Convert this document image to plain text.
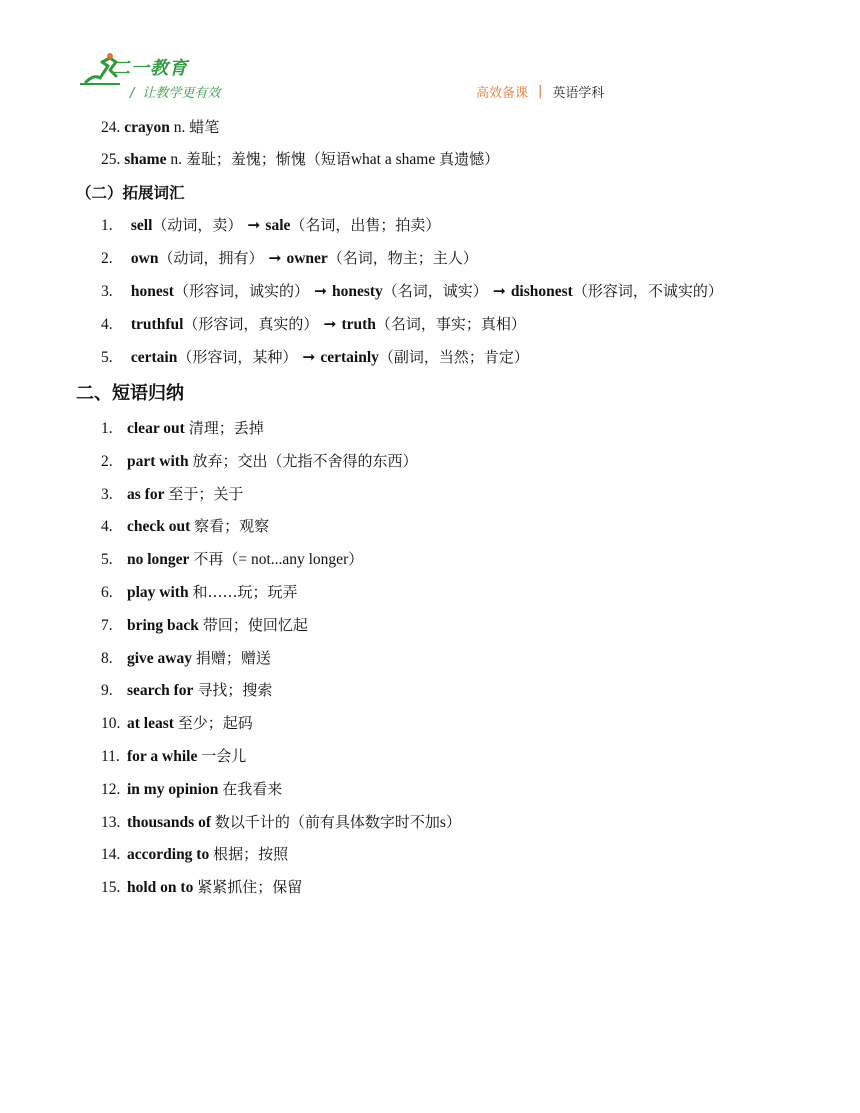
二一教育
/ 让教学更有效	高效备课 | 英语学科
24. crayon n. 蜡笔
25. shame n. 羞耻；羞愧；惭愧（短语what a shame 真遗憾）
（二）拓展词汇
1. sell（动词，卖） ➞ sale（名词，出售；拍卖）
2. own（动词，拥有） ➞ owner（名词，物主；主人）
3. honest（形容词，诚实的） ➞ honesty（名词，诚实） ➞ dishonest（形容词，不诚实的）
4. truthful（形容词，真实的） ➞ truth（名词，事实；真相）
5. certain（形容词，某种） ➞ certainly（副词，当然；肯定）
二、短语归纳
1. clear out 清理；丢掉
2. part with 放弃；交出（尤指不舍得的东西）
3. as for 至于；关于
4. check out 察看；观察
5. no longer 不再（= not...any longer）
6. play with 和……玩；玩弄
7. bring back 带回；使回忆起
8. give away 捐赠；赠送
9. search for 寻找；搜索
10. at least 至少；起码
11. for a while 一会儿
12. in my opinion 在我看来
13. thousands of 数以千计的（前有具体数字时不加s）
14. according to 根据；按照
15. hold on to 紧紧抓住；保留
